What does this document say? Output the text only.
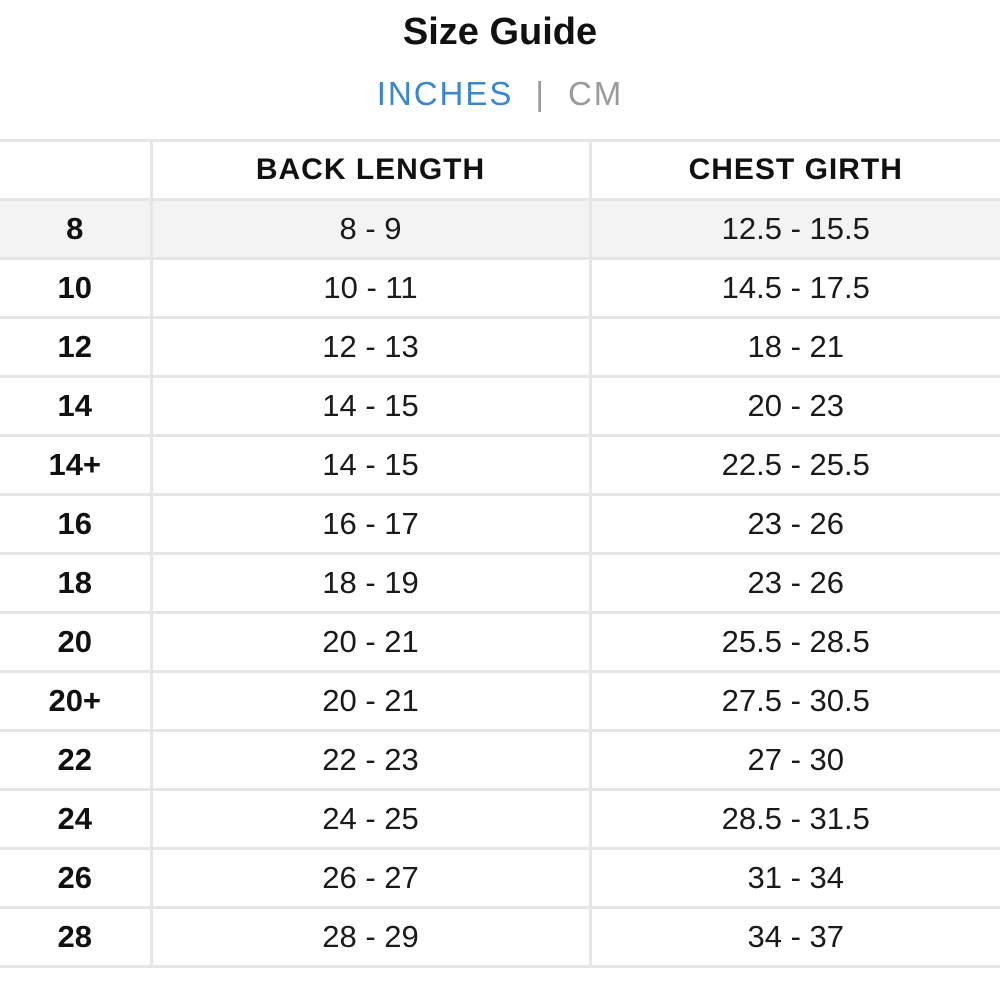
Size Guide
INCHES | CM
	BACK LENGTH	CHEST GIRTH
8	8 - 9	12.5 - 15.5
10	10 - 11	14.5 - 17.5
12	12 - 13	18 - 21
14	14 - 15	20 - 23
14+	14 - 15	22.5 - 25.5
16	16 - 17	23 - 26
18	18 - 19	23 - 26
20	20 - 21	25.5 - 28.5
20+	20 - 21	27.5 - 30.5
22	22 - 23	27 - 30
24	24 - 25	28.5 - 31.5
26	26 - 27	31 - 34
28	28 - 29	34 - 37
